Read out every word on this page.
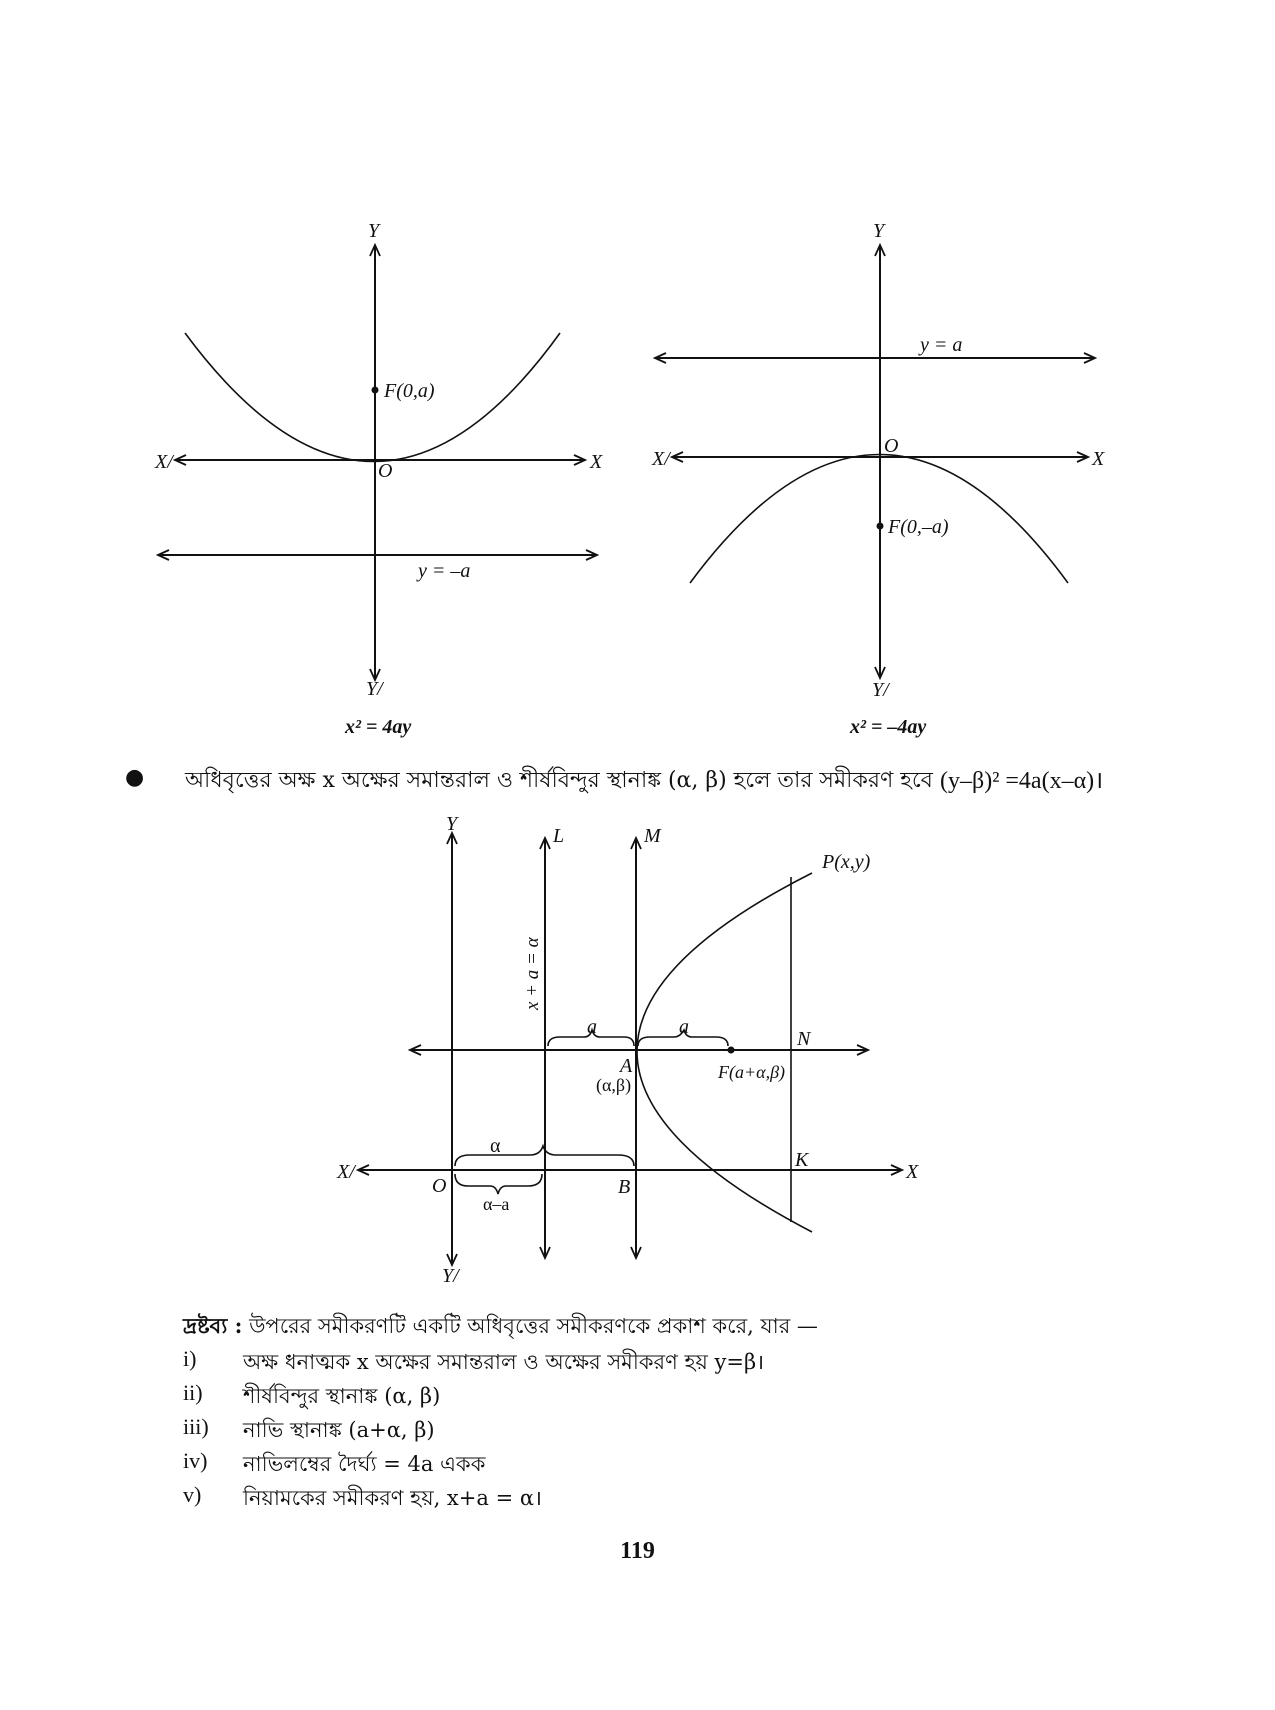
Y
Y/
X
X/	O
F(0,a)
y = –a
x² = 4ay
Y
Y/
X
X/
O
F(0,–a)
y = a
x² = –4ay
● অধিবৃত্তের অক্ষ x অক্ষের সমান্তরাল ও শীর্ষবিন্দুর স্থানাঙ্ক (α, β) হলে তার সমীকরণ হবে (y–β)² =4a(x–α)।
Y
Y/
X/	X
O
L	M
P(x,y)
x + a = α
a	a
N
A
(α,β)
F(a+α,β)
α
K
B
α–a
দ্রষ্টব্য : উপরের সমীকরণটি একটি অধিবৃত্তের সমীকরণকে প্রকাশ করে, যার —
i) অক্ষ ধনাত্মক x অক্ষের সমান্তরাল ও অক্ষের সমীকরণ হয় y=β।
ii) শীর্ষবিন্দুর স্থানাঙ্ক (α, β)
iii) নাভি স্থানাঙ্ক (a+α, β)
iv) নাভিলম্বের দৈর্ঘ্য = 4a একক
v) নিয়ামকের সমীকরণ হয়, x+a = α।
119
